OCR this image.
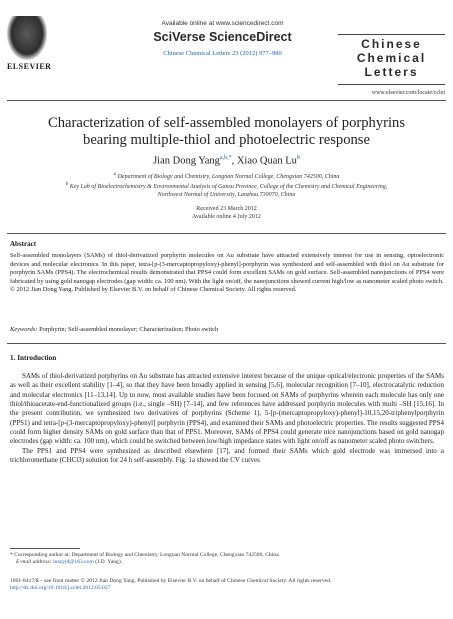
ELSEVIER
Available online at www.sciencedirect.com
SciVerse ScienceDirect
Chinese Chemical Letters 23 (2012) 977–980
Chinese
Chemical
Letters
www.elsevier.com/locate/cclet
Characterization of self-assembled monolayers of porphyrins
bearing multiple-thiol and photoelectric response
Jian Dong Yang$^{a,b,*}$, Xiao Quan Lu$^b$
$^a$ Department of Biology and Chemistry, Longnan Normal College, Chengxian 742500, China
$^b$ Key Lab of Bioelectrochemistry & Environmental Analysis of Gansu Province, College of the Chemistry and Chemical Engineering,
Northwest Normal of University, Lanzhou 730070, China
Received 23 March 2012
Available online 4 July 2012
Abstract
Self-assembled monolayers (SAMs) of thiol-derivatized porphyrin molecules on Au substrate have attracted extensively interest for use in sensing, optoelectronic devices and molecular electronics. In this paper, tetra-[p-(3-mercaptopropyloxy)-phenyl]-porphyrin was synthesized and self-assembled with thiol on Au substrate for porphyrin SAMs (PPS4). The electrochemical results demonstrated that PPS4 could form excellent SAMs on gold surface. Self-assembled nanojunctions of PPS4 were fabricated by using gold nanogap electrodes (gap width: ca. 100 nm). With the light on/off, the nanojunctions showed current high/low as nanometer scaled photo switch.
© 2012 Jian Dong Yang. Published by Elsevier B.V. on behalf of Chinese Chemical Society. All rights reserved.
Keywords: Porphyrin; Self-assembled monolayer; Characterization; Photo switch
1. Introduction

SAMs of thiol-derivatized porphyrins on Au substrate has attracted extensive interest because of the unique optical/electronic properties of the SAMs as well as their excellent stability [1–4], so that they have been broadly applied in sensing [5,6], molecular recognition [7–10], electrocatalytic reduction and molecular electronics [11–13,14]. Up to now, most available studies have been focused on SAMs of porphyrins wherein each molecule has only one thiol/thioacetate-end-functionalized groups (i.e., single –SH) [7–14], and few references have addressed porphyrin molecules with multi –SH [15,16]. In the present contribution, we synthesized two derivatives of porphyrins (Scheme 1), 5-[p-(mercaptopropyloxy)-phenyl]-10,15,20-triphenylporphyrin (PPS1) and tetra-[p-(3-mercaptopropyloxy)-phenyl] porphyrin (PPS4), and examined their SAMs and photoelectric properties. The results suggested PPS4 could form higher density SAMs on gold surface than that of PPS1. Moreover, SAMs of PPS4 could generate nice nanojunctions based on gold nanogap electrodes (gap width: ca. 100 nm), which could be switched between low/high impedance states with light on/off as nanometer scaled photo switchers.

The PPS1 and PPS4 were synthesized as described elsewhere [17], and formed their SAMs which gold electrode was immersed into a trichloromethane (CHCl3) solution for 24 h self-assembly. Fig. 1a showed the CV curves

* Corresponding author at: Department of Biology and Chemistry, Longnan Normal College, Chengxian 742500, China.
E-mail address: lnszyjd@163.com (J.D. Yang).
1001-8417/$ – see front matter © 2012 Jian Dong Yang. Published by Elsevier B.V. on behalf of Chinese Chemical Society. All rights reserved.
http://dx.doi.org/10.1016/j.cclet.2012.05.027
